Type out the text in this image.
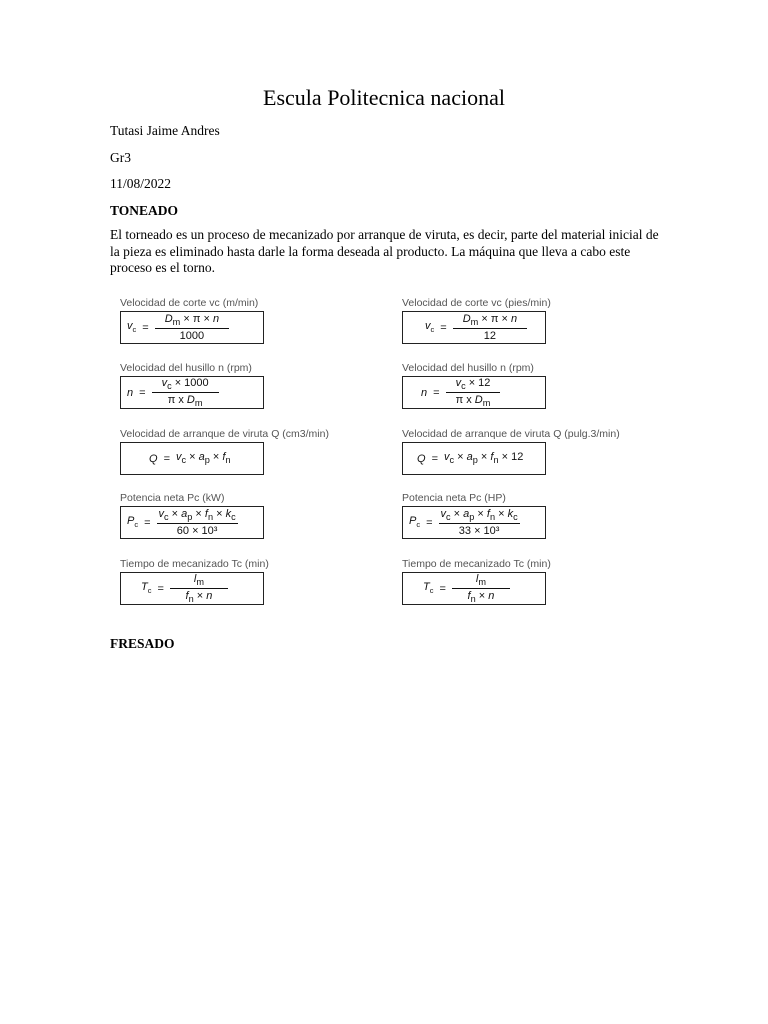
Escula Politecnica nacional
Tutasi Jaime Andres
Gr3
11/08/2022
TONEADO
El torneado es un proceso de mecanizado por arranque de viruta, es decir, parte del material inicial de la pieza es eliminado hasta darle la forma deseada al producto. La máquina que lleva a cabo este proceso es el torno.
Velocidad de corte vc (m/min)
$v_c = \frac{D_m \times \pi \times n}{1000}$
Velocidad del husillo n (rpm)
$n = \frac{v_c \times 1000}{\pi x D_m}$
Velocidad de arranque de viruta Q (cm3/min)
$Q = v_c \times a_p \times f_n$
Potencia neta Pc (kW)
$P_c = \frac{v_c \times a_p \times f_n \times k_c}{\text{60 × 10³}}$
Tiempo de mecanizado Tc (min)
$T_c = \frac{l_m}{f_n \times n}$
Velocidad de corte vc (pies/min)
$v_c = \frac{D_m \times \pi \times n}{12}$
Velocidad del husillo n (rpm)
$n = \frac{v_c \times 12}{\pi x D_m}$
Velocidad de arranque de viruta Q (pulg.3/min)
$Q = v_c \times a_p \times f_n \times 12$
Potencia neta Pc (HP)
$P_c = \frac{v_c \times a_p \times f_n \times k_c}{\text{33 × 10³}}$
Tiempo de mecanizado Tc (min)
$T_c = \frac{l_m}{f_n \times n}$
FRESADO
